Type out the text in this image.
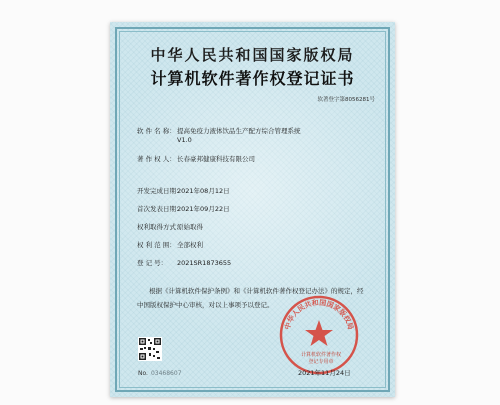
中华人民共和国国家版权局
计算机软件著作权登记证书
软著登字第8056281号
软 件 名 称：提高免疫力液体饮品生产配方综合管理系统
V1.0
著 作 权 人：长春豪邦健康科技有限公司
开发完成日期：2021年08月12日
首次发表日期：2021年09月22日
权利取得方式：原始取得
权 利 范 围：全部权利
登 记 号： 2021SR1873655
根据《计算机软件保护条例》和《计算机软件著作权登记办法》的规定，经中国版权保护中心审核，对以上事项予以登记。
No. 03468607
中华人民共和国国家版权局
计算机软件著作权
登记专用章
2021年11月24日
